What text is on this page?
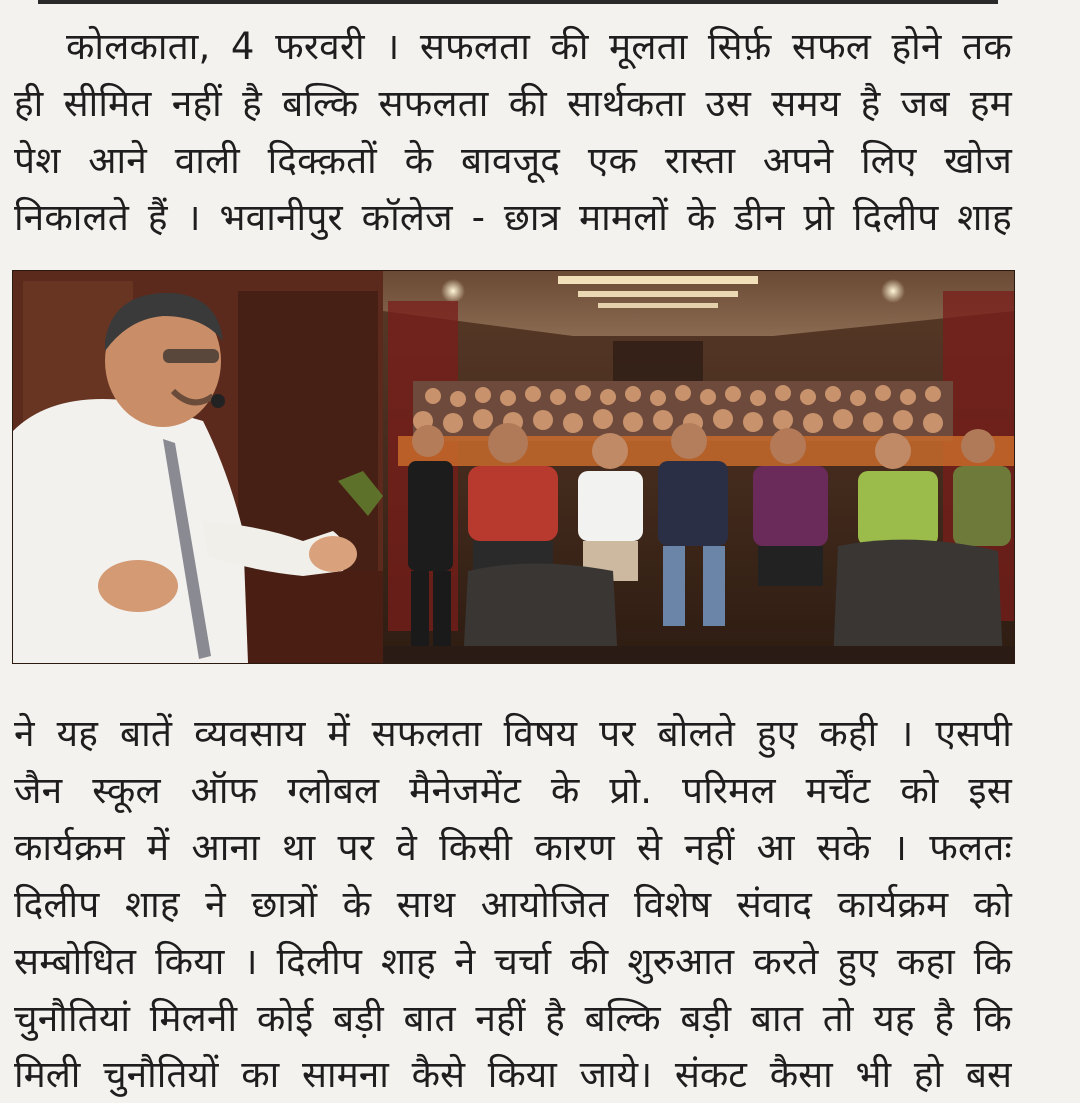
कोलकाता, 4 फरवरी । सफलता की मूलता सिर्फ़ सफल होने तक
ही सीमित नहीं है बल्कि सफलता की सार्थकता उस समय है जब हम
पेश आने वाली दिक्क़तों के बावजूद एक रास्ता अपने लिए खोज
निकालते हैं । भवानीपुर कॉलेज - छात्र मामलों के डीन प्रो दिलीप शाह
ने यह बातें व्यवसाय में सफलता विषय पर बोलते हुए कही । एसपी
जैन स्कूल ऑफ ग्लोबल मैनेजमेंट के प्रो. परिमल मर्चेंट को इस
कार्यक्रम में आना था पर वे किसी कारण से नहीं आ सके । फलतः
दिलीप शाह ने छात्रों के साथ आयोजित विशेष संवाद कार्यक्रम को
सम्बोधित किया । दिलीप शाह ने चर्चा की शुरुआत करते हुए कहा कि
चुनौतियां मिलनी कोई बड़ी बात नहीं है बल्कि बड़ी बात तो यह है कि
मिली चुनौतियों का सामना कैसे किया जाये। संकट कैसा भी हो बस
